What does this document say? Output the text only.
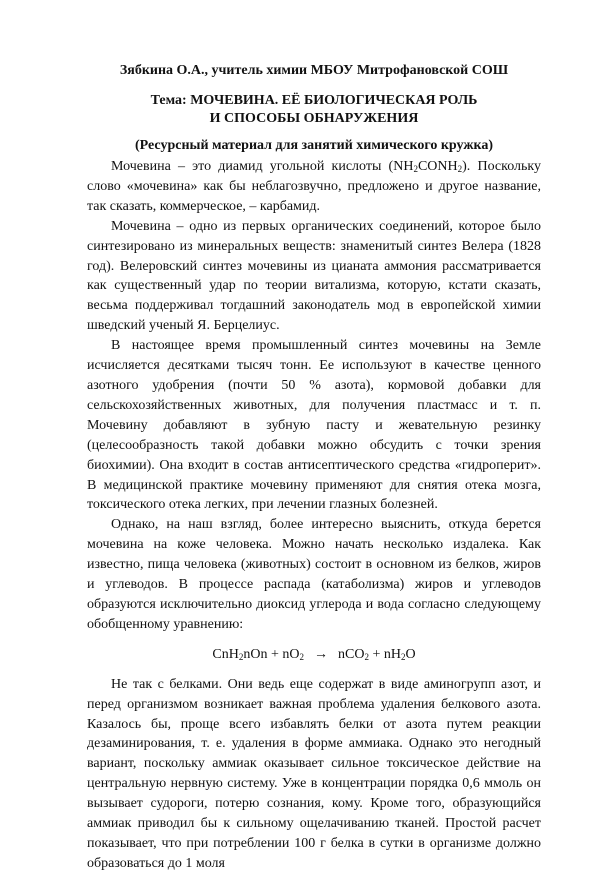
Зябкина О.А., учитель химии МБОУ Митрофановской СОШ
Тема: МОЧЕВИНА. ЕЁ БИОЛОГИЧЕСКАЯ РОЛЬ
И СПОСОБЫ ОБНАРУЖЕНИЯ
(Ресурсный материал для занятий химического кружка)

Мочевина – это диамид угольной кислоты $(NH_2CONH_2)$. Поскольку слово «мочевина» как бы неблагозвучно, предложено и другое название, так сказать, коммерческое, – карбамид.

Мочевина – одно из первых органических соединений, которое было синтезировано из минеральных веществ: знаменитый синтез Велера (1828 год). Велеровский синтез мочевины из цианата аммония рассматривается как существенный удар по теории витализма, которую, кстати сказать, весьма поддерживал тогдашний законодатель мод в европейской химии шведский ученый Я. Берцелиус.

В настоящее время промышленный синтез мочевины на Земле исчисляется десятками тысяч тонн. Ее используют в качестве ценного азотного удобрения (почти 50 % азота), кормовой добавки для сельскохозяйственных животных, для получения пластмасс и т. п. Мочевину добавляют в зубную пасту и жевательную резинку (целесообразность такой добавки можно обсудить с точки зрения биохимии). Она входит в состав антисептического средства «гидроперит». В медицинской практике мочевину применяют для снятия отека мозга, токсического отека легких, при лечении глазных болезней.

Однако, на наш взгляд, более интересно выяснить, откуда берется мочевина на коже человека. Можно начать несколько издалека. Как известно, пища человека (животных) состоит в основном из белков, жиров и углеводов. В процессе распада (катаболизма) жиров и углеводов образуются исключительно диоксид углерода и вода согласно следующему обобщенному уравнению:

$CnH_2nOn + nO_2 \to nCO_2 + nH_2O$

Не так с белками. Они ведь еще содержат в виде аминогрупп азот, и перед организмом возникает важная проблема удаления белкового азота. Казалось бы, проще всего избавлять белки от азота путем реакции дезаминирования, т. е. удаления в форме аммиака. Однако это негодный вариант, поскольку аммиак оказывает сильное токсическое действие на центральную нервную систему. Уже в концентрации порядка 0,6 ммоль он вызывает судороги, потерю сознания, кому. Кроме того, образующийся аммиак приводил бы к сильному ощелачиванию тканей. Простой расчет показывает, что при потреблении 100 г белка в сутки в организме должно образоваться до 1 моля
